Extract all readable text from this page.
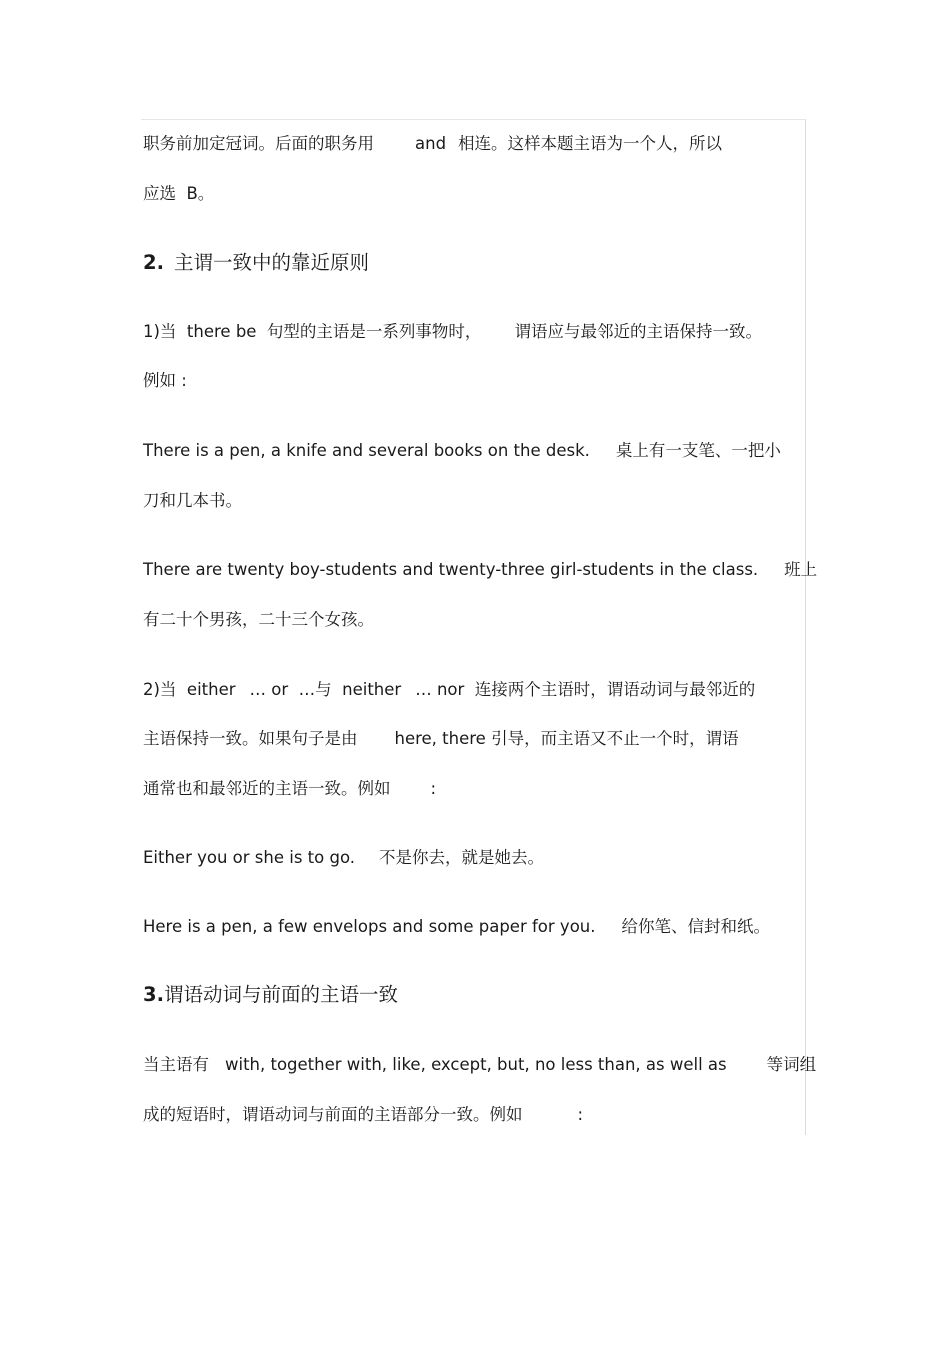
职务前加定冠词。后面的职务用 and 相连。这样本题主语为一个人，所以
应选  B。
2. 主谓一致中的靠近原则
1)当  there be  句型的主语是一系列事物时， 谓语应与最邻近的主语保持一致。
例如 :
There is a pen, a knife and several books on the desk. 桌上有一支笔、一把小
刀和几本书。
There are twenty boy-students and twenty-three girl-students in the class. 班上
有二十个男孩，二十三个女孩。
2)当  either … or  …与  neither … nor  连接两个主语时，谓语动词与最邻近的
主语保持一致。如果句子是由 here, there 引导，而主语又不止一个时，谓语
通常也和最邻近的主语一致。例如 :
Either you or she is to go. 不是你去，就是她去。
Here is a pen, a few envelops and some paper for you. 给你笔、信封和纸。
3.谓语动词与前面的主语一致
当主语有 with, together with, like, except, but, no less than, as well as 等词组
成的短语时，谓语动词与前面的主语部分一致。例如	:
